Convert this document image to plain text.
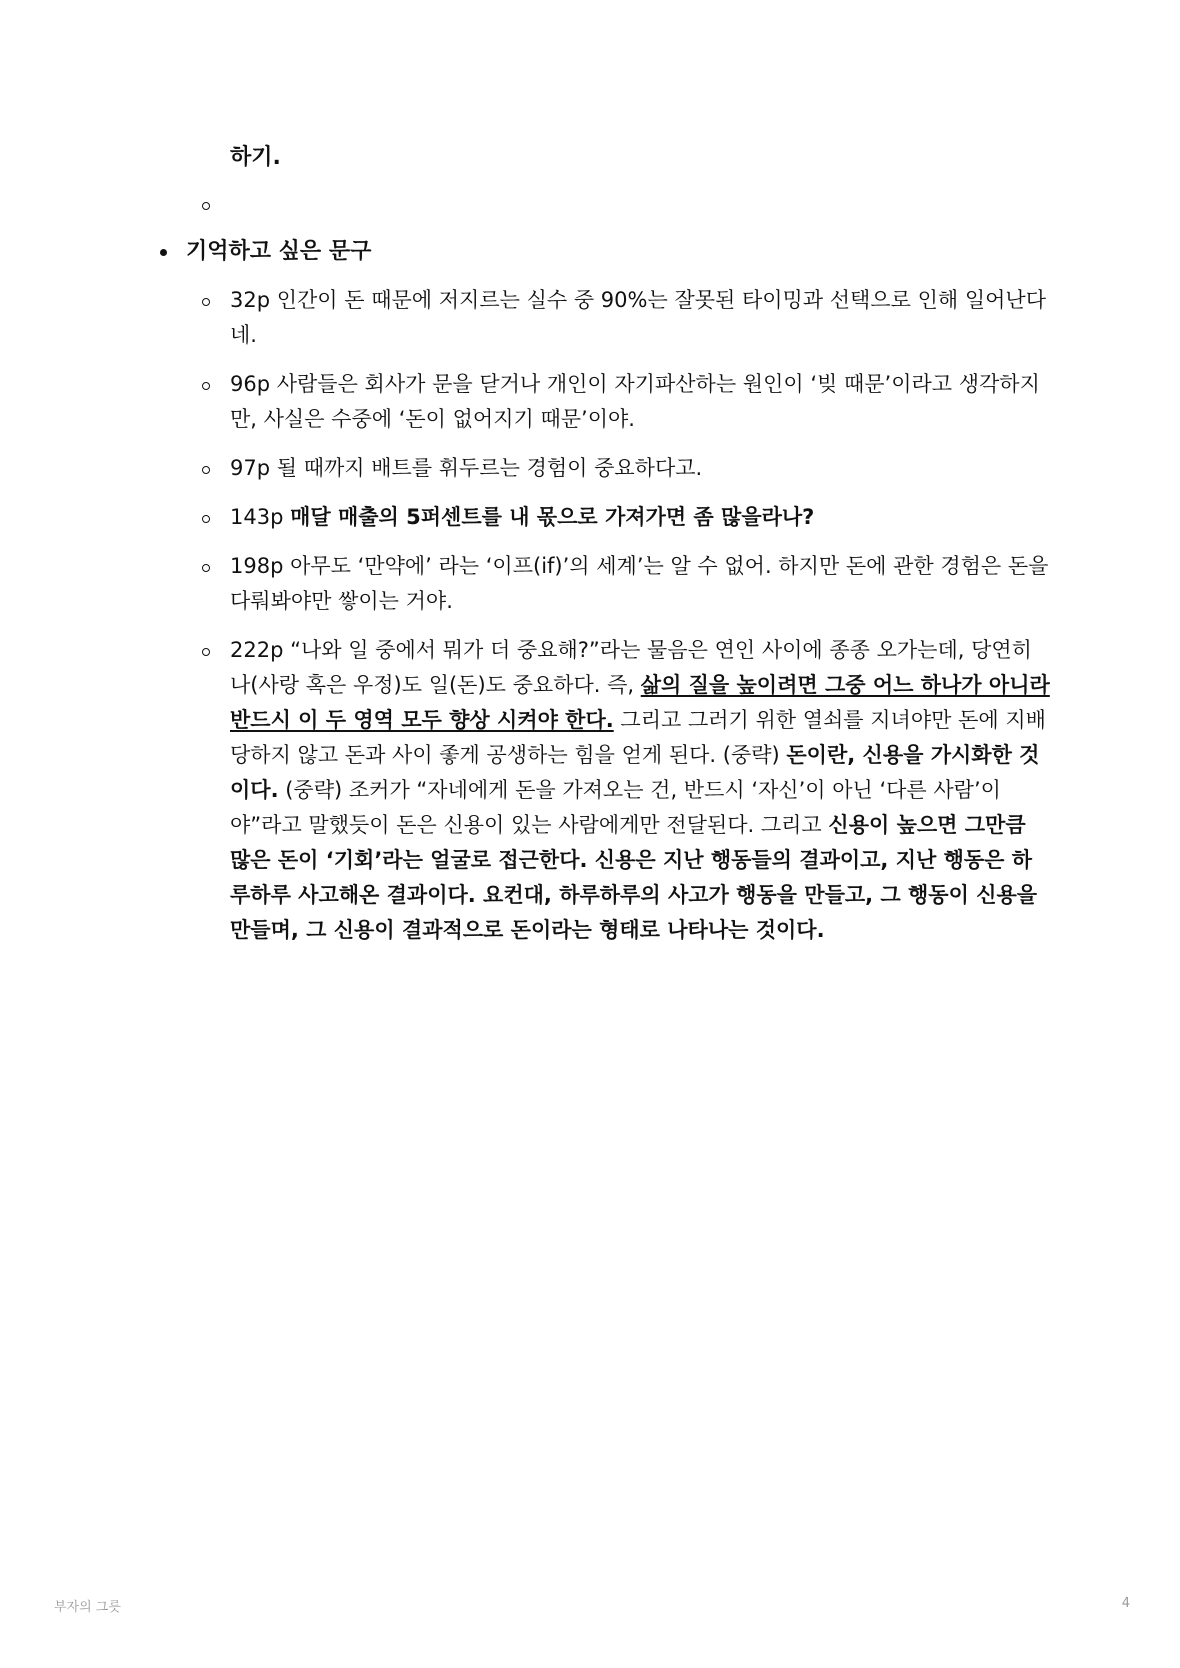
하기.
기억하고 싶은 문구
32p 인간이 돈 때문에 저지르는 실수 중 90%는 잘못된 타이밍과 선택으로 인해 일어난다네.
96p 사람들은 회사가 문을 닫거나 개인이 자기파산하는 원인이 ‘빚 때문’이라고 생각하지만, 사실은 수중에 ‘돈이 없어지기 때문’이야.
97p 될 때까지 배트를 휘두르는 경험이 중요하다고.
143p 매달 매출의 5퍼센트를 내 몫으로 가져가면 좀 많을라나?
198p 아무도 ‘만약에’ 라는 ‘이프(if)’의 세계’는 알 수 없어. 하지만 돈에 관한 경험은 돈을 다뤄봐야만 쌓이는 거야.
222p “나와 일 중에서 뭐가 더 중요해?”라는 물음은 연인 사이에 종종 오가는데, 당연히 나(사랑 혹은 우정)도 일(돈)도 중요하다. 즉, 삶의 질을 높이려면 그중 어느 하나가 아니라 반드시 이 두 영역 모두 향상 시켜야 한다. 그리고 그러기 위한 열쇠를 지녀야만 돈에 지배당하지 않고 돈과 사이 좋게 공생하는 힘을 얻게 된다. (중략) 돈이란, 신용을 가시화한 것이다. (중략) 조커가 “자네에게 돈을 가져오는 건, 반드시 ‘자신’이 아닌 ‘다른 사람’이야”라고 말했듯이 돈은 신용이 있는 사람에게만 전달된다. 그리고 신용이 높으면 그만큼 많은 돈이 ‘기회’라는 얼굴로 접근한다. 신용은 지난 행동들의 결과이고, 지난 행동은 하루하루 사고해온 결과이다. 요컨대, 하루하루의 사고가 행동을 만들고, 그 행동이 신용을 만들며, 그 신용이 결과적으로 돈이라는 형태로 나타나는 것이다.
부자의 그릇	4
